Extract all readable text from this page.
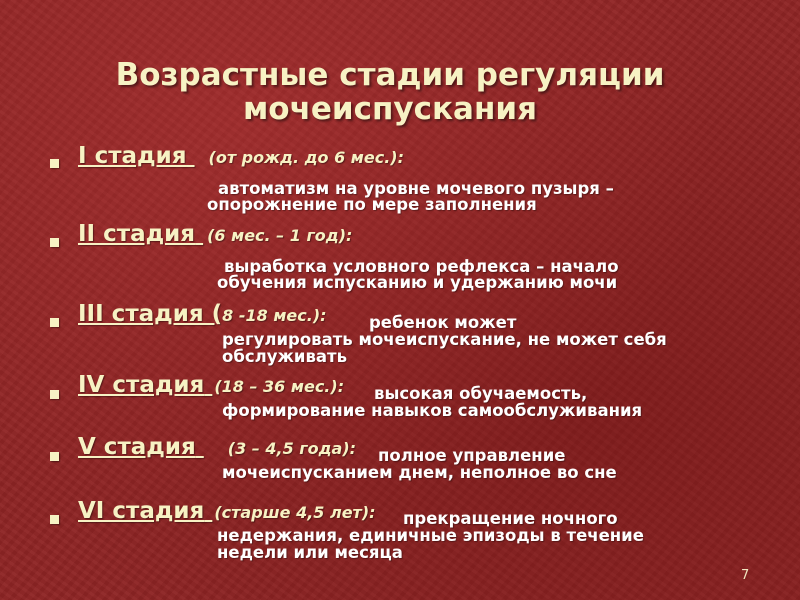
Возрастные стадии регуляции
мочеиспускания
I стадия (от рожд. до 6 мес.):
автоматизм на уровне мочевого пузыря –
опорожнение по мере заполнения
II стадия (6 мес. – 1 год):
выработка условного рефлекса – начало
обучения испусканию и удержанию мочи
III стадия (8 -18 мес.):	ребенок может
регулировать мочеиспускание, не может себя
обслуживать
IV стадия (18 – 36 мес.): высокая обучаемость,
формирование навыков самообслуживания
V стадия (3 – 4,5 года): полное управление
мочеиспусканием днем, неполное во сне
VI стадия (старше 4,5 лет): прекращение ночного
недержания, единичные эпизоды в течение
недели или месяца
7
